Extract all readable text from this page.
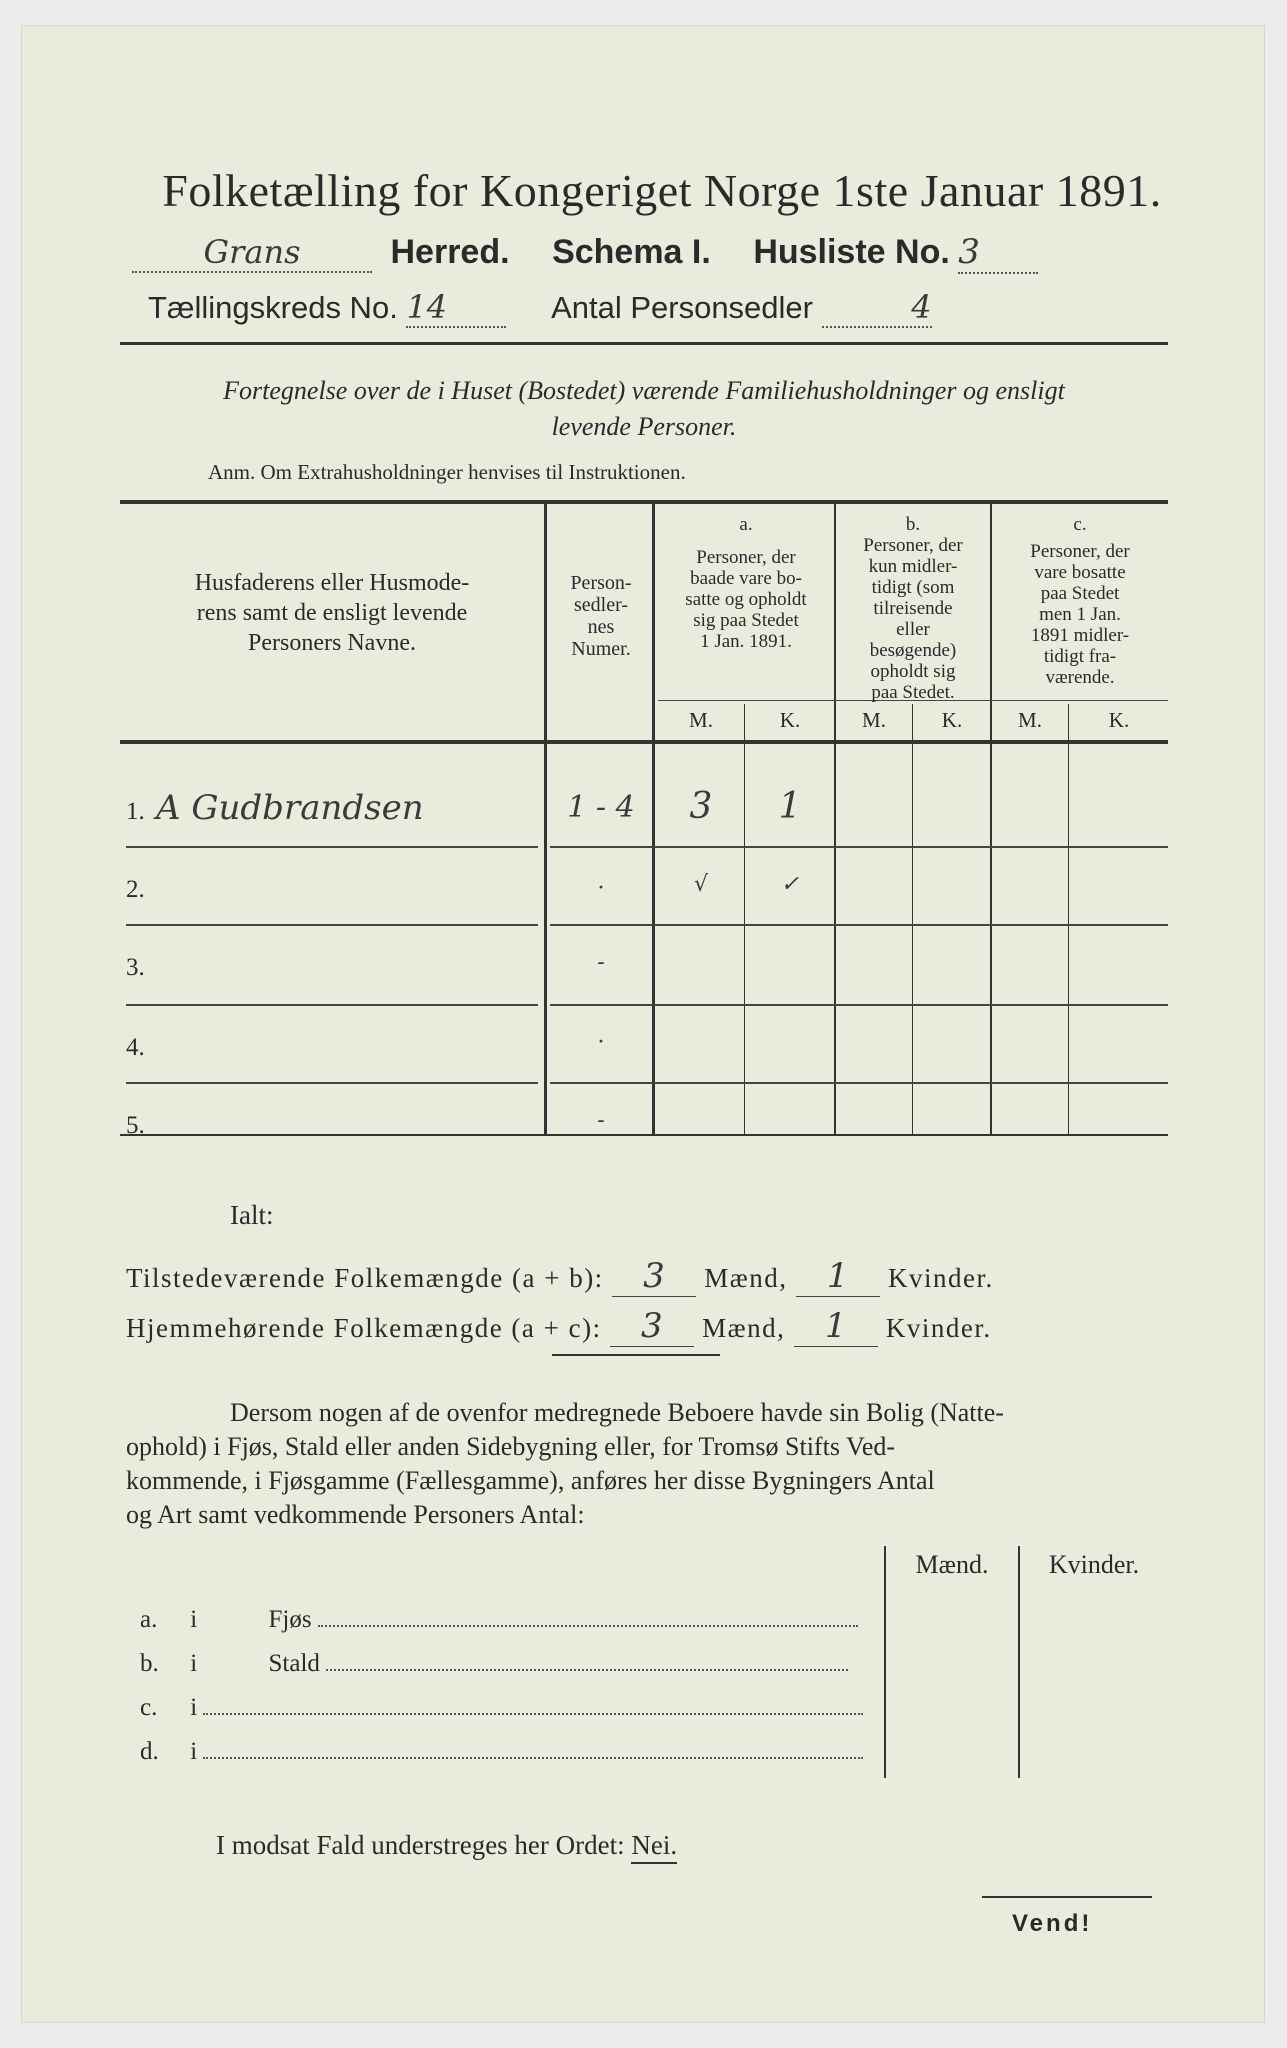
Folketælling for Kongeriget Norge 1ste Januar 1891.
Grans	Herred. Schema I. Husliste No. 3
Tællingskreds No. 14	Antal Personsedler	4
Fortegnelse over de i Huset (Bostedet) værende Familiehusholdninger og ensligt
levende Personer.
Anm. Om Extrahusholdninger henvises til Instruktionen.
Husfaderens eller Husmode-
rens samt de ensligt levende
Personers Navne.
Person-
sedler-
nes
Numer.
a.
Personer, der
baade vare bo-
satte og opholdt
sig paa Stedet
1 Jan. 1891.
b.
Personer, der
kun midler-
tidigt (som
tilreisende
eller
besøgende)
opholdt sig
paa Stedet.
c.
Personer, der
vare bosatte
paa Stedet
men 1 Jan.
1891 midler-
tidigt fra-
værende.
M.	K.	M.	K.	M.	K.
1. A Gudbrandsen	1 - 4	3	1
2.	·	√	✓
3.	-
4.	·
5.	-
Ialt:
Tilstedeværende Folkemængde (a + b): 3 Mænd, 1 Kvinder.
Hjemmehørende Folkemængde (a + c): 3 Mænd, 1 Kvinder.
Dersom nogen af de ovenfor medregnede Beboere havde sin Bolig (Natte-
ophold) i Fjøs, Stald eller anden Sidebygning eller, for Tromsø Stifts Ved-
kommende, i Fjøsgamme (Fællesgamme), anføres her disse Bygningers Antal
og Art samt vedkommende Personers Antal:
Mænd.	Kvinder.
a. i	Fjøs
b. i	Stald
c. i
d. i
I modsat Fald understreges her Ordet: Nei.
Vend!
